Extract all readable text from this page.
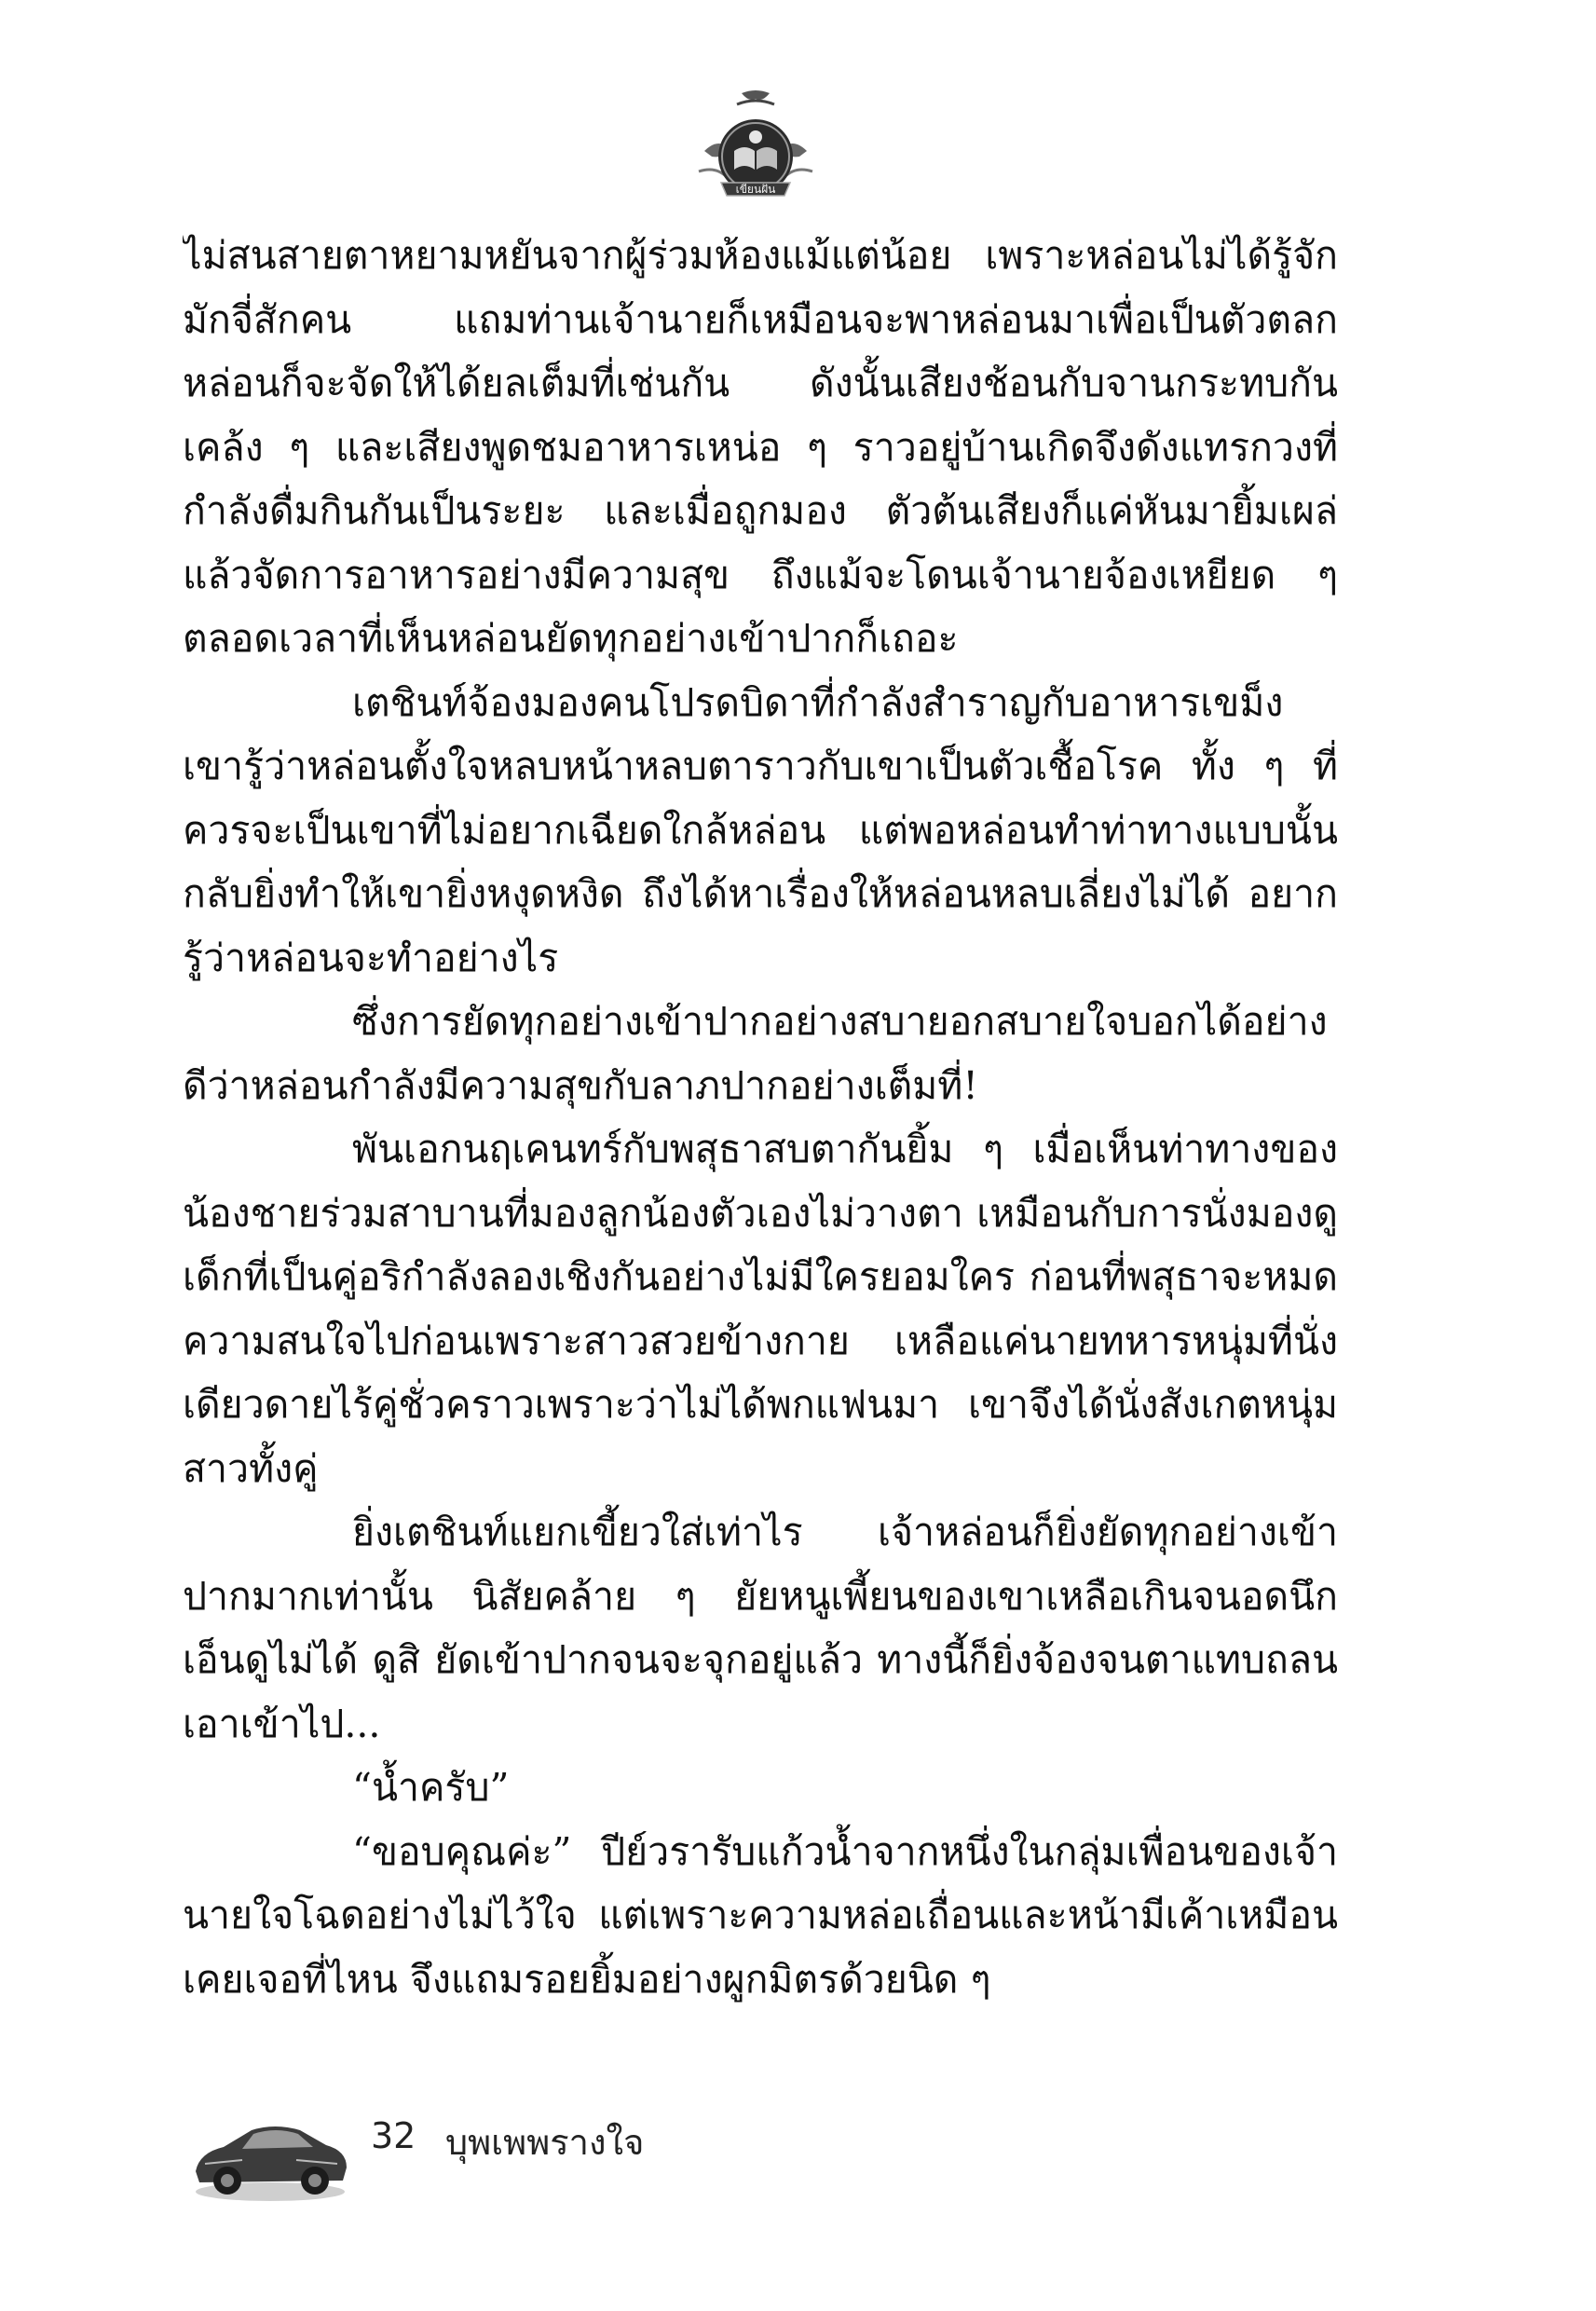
เขียนฝัน

ไม่สนสายตาหยามหยันจากผู้ร่วมห้องแม้แต่น้อย เพราะหล่อนไม่ได้รู้จักมักจี่สักคน แถมท่านเจ้านายก็เหมือนจะพาหล่อนมาเพื่อเป็นตัวตลก หล่อนก็จะจัดให้ได้ยลเต็มที่เช่นกัน ดังนั้นเสียงช้อนกับจานกระทบกันเคล้ง ๆ และเสียงพูดชมอาหารเหน่อ ๆ ราวอยู่บ้านเกิดจึงดังแทรกวงที่กำลังดื่มกินกันเป็นระยะ และเมื่อถูกมอง ตัวต้นเสียงก็แค่หันมายิ้มเผล่แล้วจัดการอาหารอย่างมีความสุข ถึงแม้จะโดนเจ้านายจ้องเหยียด ๆ ตลอดเวลาที่เห็นหล่อนยัดทุกอย่างเข้าปากก็เถอะ

เตชินท์จ้องมองคนโปรดบิดาที่กำลังสำราญกับอาหารเขม็ง เขารู้ว่าหล่อนตั้งใจหลบหน้าหลบตาราวกับเขาเป็นตัวเชื้อโรค ทั้ง ๆ ที่ควรจะเป็นเขาที่ไม่อยากเฉียดใกล้หล่อน แต่พอหล่อนทำท่าทางแบบนั้นกลับยิ่งทำให้เขายิ่งหงุดหงิด ถึงได้หาเรื่องให้หล่อนหลบเลี่ยงไม่ได้ อยากรู้ว่าหล่อนจะทำอย่างไร

ซึ่งการยัดทุกอย่างเข้าปากอย่างสบายอกสบายใจบอกได้อย่างดีว่าหล่อนกำลังมีความสุขกับลาภปากอย่างเต็มที่!

พันเอกนฤเคนทร์กับพสุธาสบตากันยิ้ม ๆ เมื่อเห็นท่าทางของน้องชายร่วมสาบานที่มองลูกน้องตัวเองไม่วางตา เหมือนกับการนั่งมองดูเด็กที่เป็นคู่อริกำลังลองเชิงกันอย่างไม่มีใครยอมใคร ก่อนที่พสุธาจะหมดความสนใจไปก่อนเพราะสาวสวยข้างกาย เหลือแค่นายทหารหนุ่มที่นั่งเดียวดายไร้คู่ชั่วคราวเพราะว่าไม่ได้พกแฟนมา เขาจึงได้นั่งสังเกตหนุ่มสาวทั้งคู่

ยิ่งเตชินท์แยกเขี้ยวใส่เท่าไร เจ้าหล่อนก็ยิ่งยัดทุกอย่างเข้าปากมากเท่านั้น นิสัยคล้าย ๆ ยัยหนูเพี้ยนของเขาเหลือเกินจนอดนึกเอ็นดูไม่ได้ ดูสิ ยัดเข้าปากจนจะจุกอยู่แล้ว ทางนี้ก็ยิ่งจ้องจนตาแทบถลน เอาเข้าไป...

“น้ำครับ”

“ขอบคุณค่ะ” ปีย์วรารับแก้วน้ำจากหนึ่งในกลุ่มเพื่อนของเจ้านายใจโฉดอย่างไม่ไว้ใจ แต่เพราะความหล่อเถื่อนและหน้ามีเค้าเหมือนเคยเจอที่ไหน จึงแถมรอยยิ้มอย่างผูกมิตรด้วยนิด ๆ

32 บุพเพพรางใจ
